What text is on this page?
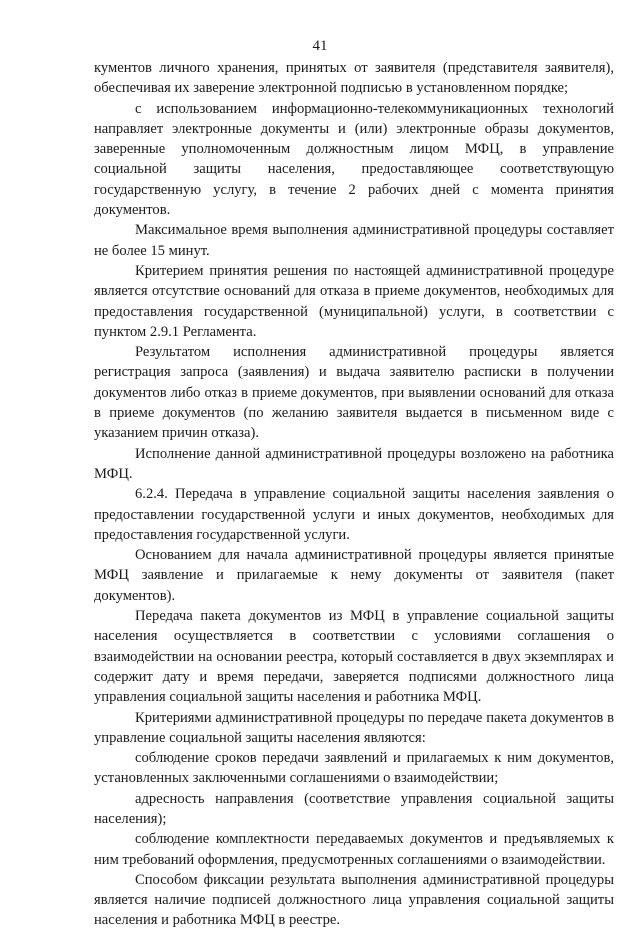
41

кументов личного хранения, принятых от заявителя (представителя заявителя), обеспечивая их заверение электронной подписью в установленном порядке;

с использованием информационно-телекоммуникационных технологий направляет электронные документы и (или) электронные образы документов, заверенные уполномоченным должностным лицом МФЦ, в управление социальной защиты населения, предоставляющее соответствующую государственную услугу, в течение 2 рабочих дней с момента принятия документов.

Максимальное время выполнения административной процедуры составляет не более 15 минут.

Критерием принятия решения по настоящей административной процедуре является отсутствие оснований для отказа в приеме документов, необходимых для предоставления государственной (муниципальной) услуги, в соответствии с пунктом 2.9.1 Регламента.

Результатом исполнения административной процедуры является регистрация запроса (заявления) и выдача заявителю расписки в получении документов либо отказ в приеме документов, при выявлении оснований для отказа в приеме документов (по желанию заявителя выдается в письменном виде с указанием причин отказа).

Исполнение данной административной процедуры возложено на работника МФЦ.

6.2.4. Передача в управление социальной защиты населения заявления о предоставлении государственной услуги и иных документов, необходимых для предоставления государственной услуги.

Основанием для начала административной процедуры является принятые МФЦ заявление и прилагаемые к нему документы от заявителя (пакет документов).

Передача пакета документов из МФЦ в управление социальной защиты населения осуществляется в соответствии с условиями соглашения о взаимодействии на основании реестра, который составляется в двух экземплярах и содержит дату и время передачи, заверяется подписями должностного лица управления социальной защиты населения и работника МФЦ.

Критериями административной процедуры по передаче пакета документов в управление социальной защиты населения являются:

соблюдение сроков передачи заявлений и прилагаемых к ним документов, установленных заключенными соглашениями о взаимодействии;

адресность направления (соответствие управления социальной защиты населения);

соблюдение комплектности передаваемых документов и предъявляемых к ним требований оформления, предусмотренных соглашениями о взаимодействии.

Способом фиксации результата выполнения административной процедуры является наличие подписей должностного лица управления социальной защиты населения и работника МФЦ в реестре.
